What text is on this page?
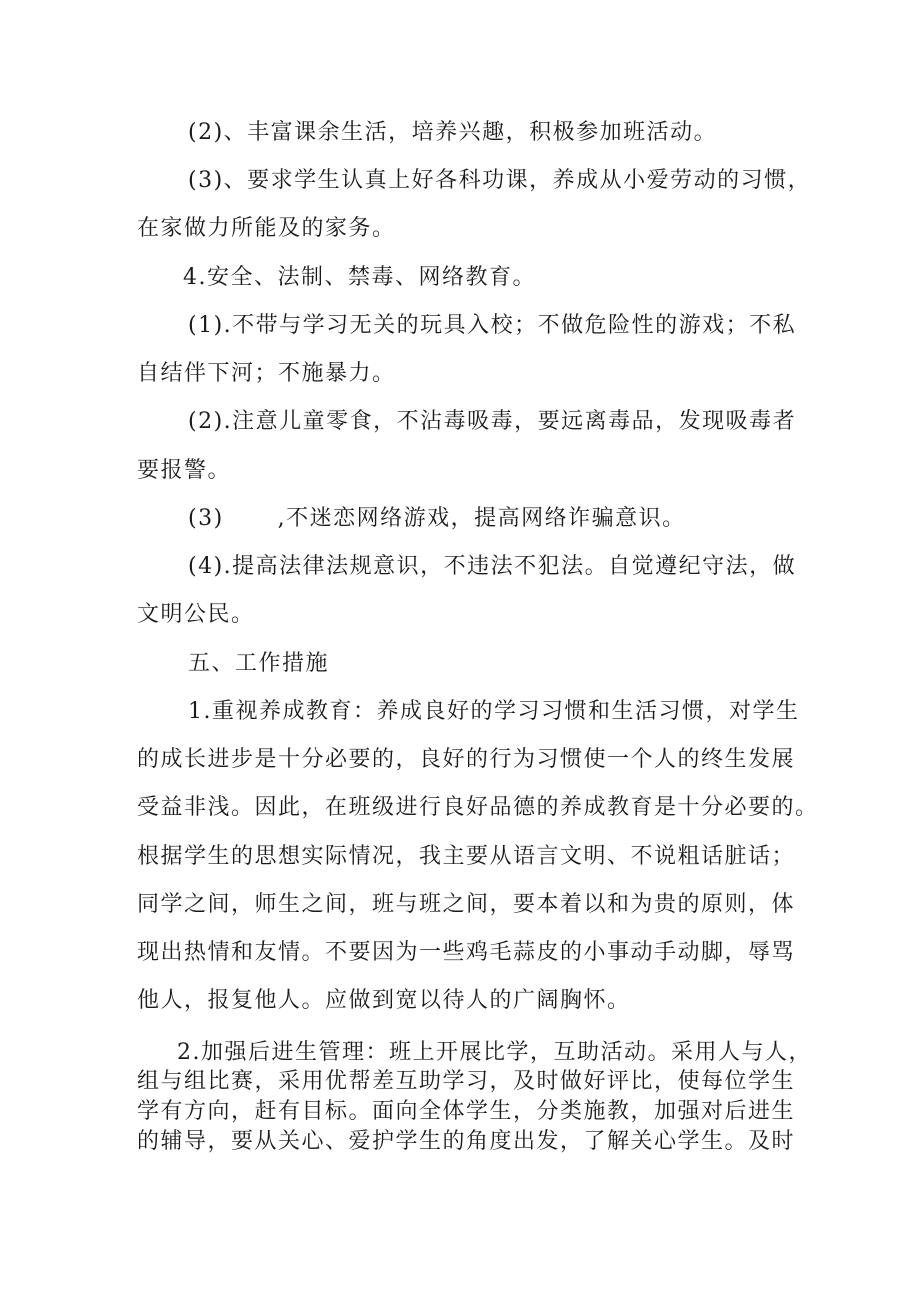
(2)、丰富课余生活，培养兴趣，积极参加班活动。
(3)、要求学生认真上好各科功课，养成从小爱劳动的习惯，
在家做力所能及的家务。
4.安全、法制、禁毒、网络教育。
(1).不带与学习无关的玩具入校；不做危险性的游戏；不私
自结伴下河；不施暴力。
(2).注意儿童零食，不沾毒吸毒，要远离毒品，发现吸毒者
要报警。
(3) ,不迷恋网络游戏，提高网络诈骗意识。
(4).提高法律法规意识，不违法不犯法。自觉遵纪守法，做
文明公民。
五、工作措施
1.重视养成教育：养成良好的学习习惯和生活习惯，对学生
的成长进步是十分必要的，良好的行为习惯使一个人的终生发展
受益非浅。因此，在班级进行良好品德的养成教育是十分必要的。
根据学生的思想实际情况，我主要从语言文明、不说粗话脏话；
同学之间，师生之间，班与班之间，要本着以和为贵的原则，体
现出热情和友情。不要因为一些鸡毛蒜皮的小事动手动脚，辱骂
他人，报复他人。应做到宽以待人的广阔胸怀。
2.加强后进生管理：班上开展比学，互助活动。采用人与人，
组与组比赛，采用优帮差互助学习，及时做好评比，使每位学生
学有方向，赶有目标。面向全体学生，分类施教，加强对后进生
的辅导，要从关心、爱护学生的角度出发，了解关心学生。及时
